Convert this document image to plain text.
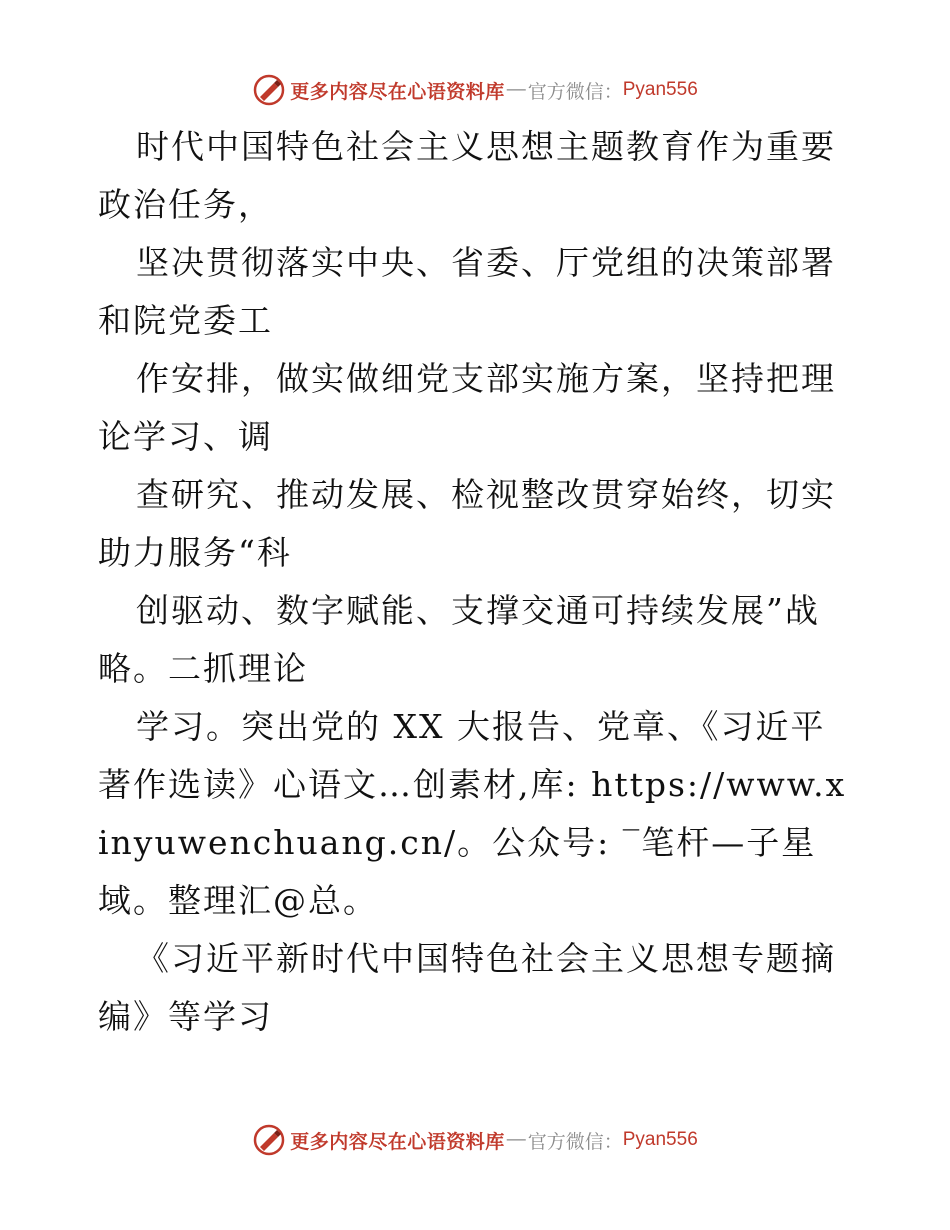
更多内容尽在心语资料库 — 官方微信： Pyan556

时代中国特色社会主义思想主题教育作为重要政治任务，

坚决贯彻落实中央、省委、厅党组的决策部署和院党委工

作安排，做实做细党支部实施方案，坚持把理论学习、调

查研究、推动发展、检视整改贯穿始终，切实助力服务“科

创驱动、数字赋能、支撑交通可持续发展”战略。二抓理论

学习。突出党的 XX 大报告、党章、《习近平著作选读》心语文…创素材,库: https://www.xinyuwenchuang.cn/。公众号: ‾笔杆—子星域。整理汇@总。

《习近平新时代中国特色社会主义思想专题摘编》等学习

更多内容尽在心语资料库 — 官方微信： Pyan556
